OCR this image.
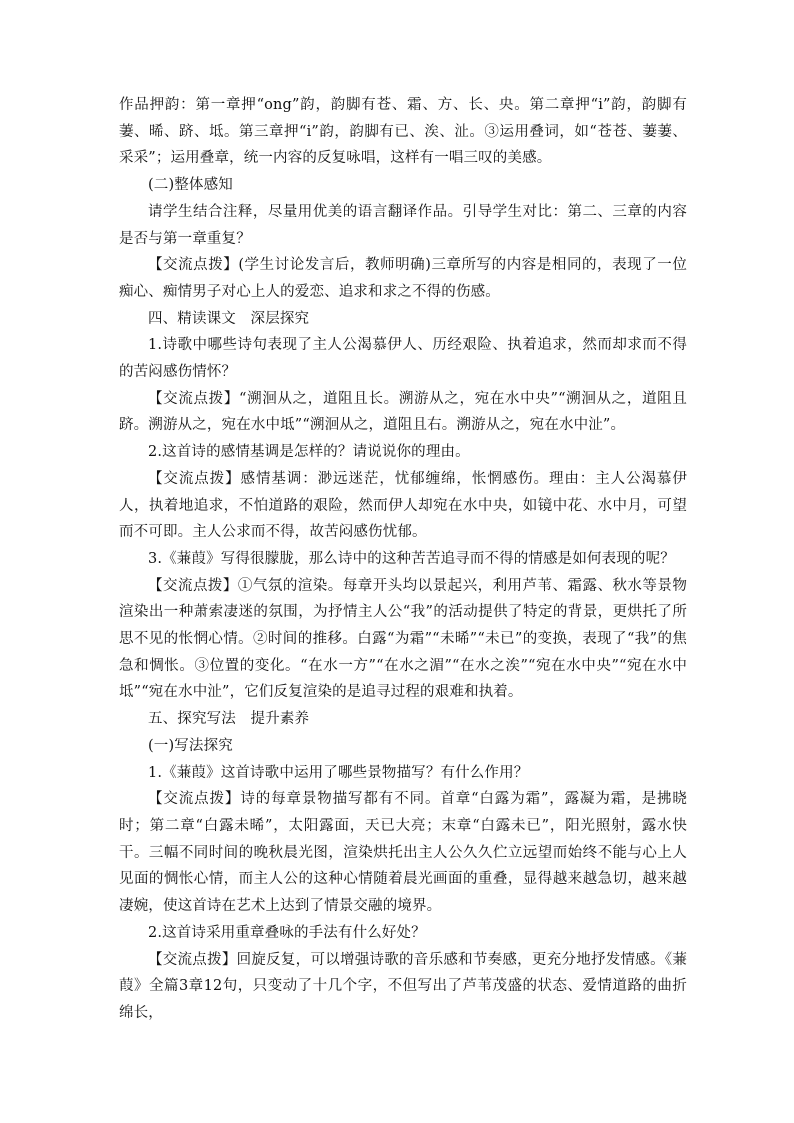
作品押韵：第一章押“ong”韵，韵脚有苍、霜、方、长、央。第二章押“i”韵，韵脚有萋、晞、跻、坻。第三章押“i”韵，韵脚有已、涘、沚。③运用叠词，如“苍苍、萋萋、采采”；运用叠章，统一内容的反复咏唱，这样有一唱三叹的美感。

(二)整体感知

请学生结合注释，尽量用优美的语言翻译作品。引导学生对比：第二、三章的内容是否与第一章重复？

【交流点拨】(学生讨论发言后，教师明确)三章所写的内容是相同的，表现了一位痴心、痴情男子对心上人的爱恋、追求和求之不得的伤感。

四、精读课文　深层探究

1.诗歌中哪些诗句表现了主人公渴慕伊人、历经艰险、执着追求，然而却求而不得的苦闷感伤情怀？

【交流点拨】“溯洄从之，道阻且长。溯游从之，宛在水中央”“溯洄从之，道阻且跻。溯游从之，宛在水中坻”“溯洄从之，道阻且右。溯游从之，宛在水中沚”。

2.这首诗的感情基调是怎样的？请说说你的理由。

【交流点拨】感情基调：渺远迷茫，忧郁缠绵，怅惘感伤。理由：主人公渴慕伊人，执着地追求，不怕道路的艰险，然而伊人却宛在水中央，如镜中花、水中月，可望而不可即。主人公求而不得，故苦闷感伤忧郁。

3.《蒹葭》写得很朦胧，那么诗中的这种苦苦追寻而不得的情感是如何表现的呢？

【交流点拨】①气氛的渲染。每章开头均以景起兴，利用芦苇、霜露、秋水等景物渲染出一种萧索凄迷的氛围，为抒情主人公“我”的活动提供了特定的背景，更烘托了所思不见的怅惘心情。②时间的推移。白露“为霜”“未晞”“未已”的变换，表现了“我”的焦急和惆怅。③位置的变化。“在水一方”“在水之湄”“在水之涘”“宛在水中央”“宛在水中坻”“宛在水中沚”，它们反复渲染的是追寻过程的艰难和执着。

五、探究写法　提升素养

(一)写法探究

1.《蒹葭》这首诗歌中运用了哪些景物描写？有什么作用？

【交流点拨】诗的每章景物描写都有不同。首章“白露为霜”，露凝为霜，是拂晓时；第二章“白露未晞”，太阳露面，天已大亮；末章“白露未已”，阳光照射，露水快干。三幅不同时间的晚秋晨光图，渲染烘托出主人公久久伫立远望而始终不能与心上人见面的惆怅心情，而主人公的这种心情随着晨光画面的重叠，显得越来越急切，越来越凄婉，使这首诗在艺术上达到了情景交融的境界。

2.这首诗采用重章叠咏的手法有什么好处？

【交流点拨】回旋反复，可以增强诗歌的音乐感和节奏感，更充分地抒发情感。《蒹葭》全篇3章12句，只变动了十几个字，不但写出了芦苇茂盛的状态、爱情道路的曲折绵长，
